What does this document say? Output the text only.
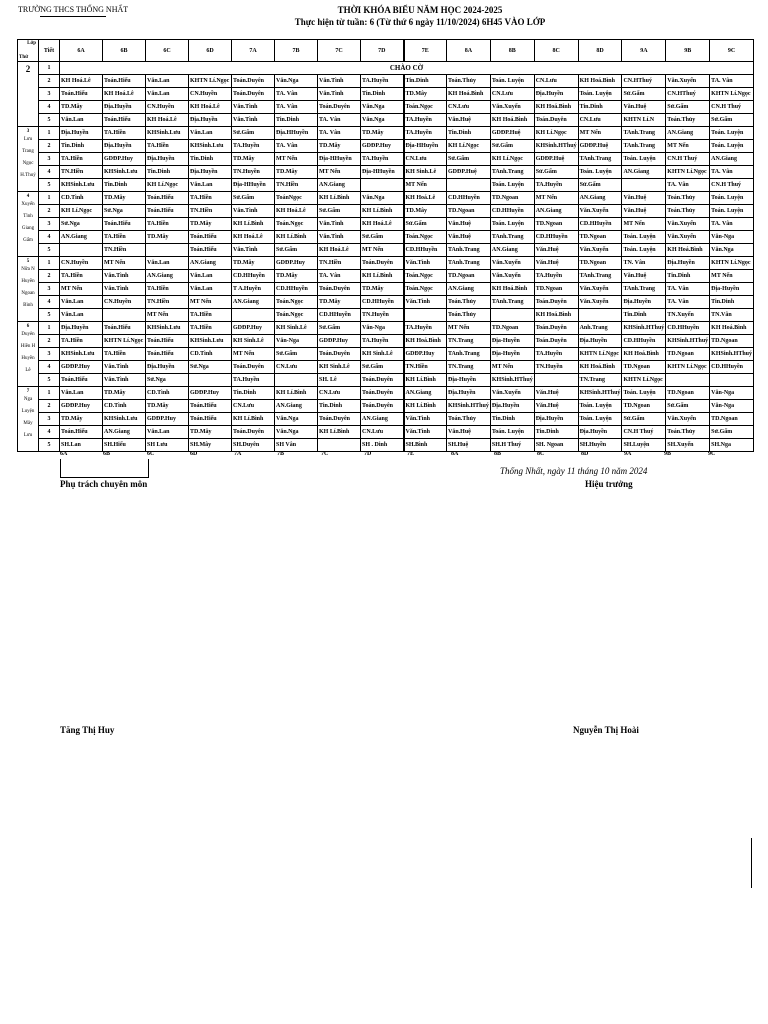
TRƯỜNG THCS THỐNG NHẤT	THỜI KHÓA BIỂU NĂM HỌC 2024-2025
Thực hiện từ tuần: 6 (Từ thứ 6 ngày 11/10/2024) 6H45 VÀO LỚP
Lớp
Thứ	Tiết	6A	6B	6C	6D	7A	7B	7C	7D	7E	8A	8B	8C	8D	9A	9B	9C

2	1	CHÀO CỜ															
	2	KH Hoá.Lê	Toán.Hiếu	Văn.Lan	KHTN Lí.Ngọc	Toán.Duyên	Văn.Nga	Văn.Tình	TA.Huyền	Tin.Dinh	Toán.Thủy	Toán. Luyện	CN.Lưu	KH Hoá.Bình	CN.HThuý	Văn.Xuyến	TA. Vân
	3	Toán.Hiếu	KH Hoá.Lê	Văn.Lan	CN.Huyền	Toán.Duyên	TA. Vân	Văn.Tình	Tin.Dinh	TD.Mây	KH Hoá.Bình	CN.Lưu	Địa.Huyền	Toán. Luyện	Sử.Gấm	CN.HThuý	KHTN Lí.Ngọc
	4	TD.Mây	Địa.Huyền	CN.Huyền	KH Hoá.Lê	Văn.Tình	TA. Vân	Toán.Duyên	Văn.Nga	Toán.Ngọc	CN.Lưu	Văn.Xuyến	KH Hoá.Bình	Tin.Dinh	Văn.Huệ	Sử.Gấm	CN.H Thuý
	5	Văn.Lan	Toán.Hiếu	KH Hoá.Lê	Địa.Huyền	Văn.Tình	Tin.Dinh	TA. Vân	Văn.Nga	TA.Huyền	Văn.Huệ	KH Hoá.Bình	Toán.Duyên	CN.Lưu	KHTN Lí.N	Toán.Thủy	Sử.Gấm

3
Lưu Trang Ngọc H.Thuý	1	Địa.Huyền	TA.Hiền	KHSinh.Lưu	Văn.Lan	Sử.Gấm	Địa.HHuyền	TA. Vân	TD.Mây	TA.Huyền	Tin.Dinh	GDĐP.Huệ	KH Lí.Ngọc	MT Nến	TAnh.Trang	AN.Giang	Toán. Luyện
	2	Tin.Dinh	Địa.Huyền	TA.Hiền	KHSinh.Lưu	TA.Huyền	TA. Vân	TD.Mây	GDĐP.Huy	Địa-HHuyền	KH Lí.Ngọc	Sử.Gấm	KHSinh.HThuý	GDĐP.Huệ	TAnh.Trang	MT Nến	Toán. Luyện
	3	TA.Hiền	GDĐP.Huy	Địa.Huyền	Tin.Dinh	TD.Mây	MT Nến	Địa-HHuyền	TA.Huyền	CN.Lưu	Sử.Gấm	KH Lí.Ngọc	GDĐP.Huệ	TAnh.Trang	Toán. Luyện	CN.H Thuý	AN.Giang
	4	TN.Hiền	KHSinh.Lưu	Tin.Dinh	Địa.Huyền	TN.Huyền	TD.Mây	MT Nến	Địa-HHuyền	KH Sinh.Lê	GDĐP.Huệ	TAnh.Trang	Sử.Gấm	Toán. Luyện	AN.Giang	KHTN Lí.Ngọc	TA. Vân
	5	KHSinh.Lưu	Tin.Dinh	KH Lí.Ngọc	Văn.Lan	Địa-HHuyền	TN.Hiền	AN.Giang		MT Nến		Toán. Luyện	TA.Huyền	Sử.Gấm		TA. Vân	CN.H Thuý

4
Xuyến Tình Giang Gấm	1	CD.Tình	TD.Mây	Toán.Hiếu	TA.Hiền	Sử.Gấm	ToánNgọc	KH Lí.Bình	Văn.Nga	KH Hoá.Lê	CD.HHuyền	TD.Ngoan	MT Nến	AN.Giang	Văn.Huệ	Toán.Thủy	Toán. Luyện
	2	KH Lí.Ngọc	Sử.Nga	Toán.Hiếu	TN.Hiền	Văn.Tình	KH Hoá.Lê	Sử.Gấm	KH Lí.Bình	TD.Mây	TD.Ngoan	CD.HHuyền	AN.Giang	Văn.Xuyến	Văn.Huệ	Toán.Thủy	Toán. Luyện
	3	Sử.Nga	Toán.Hiếu	TA.Hiền	TD.Mây	KH Lí.Bình	Toán.Ngọc	Văn.Tình	KH Hoá.Lê	Sử.Gấm	Văn.Huệ	Toán. Luyện	TD.Ngoan	CD.HHuyền	MT Nến	Văn.Xuyến	TA. Vân
	4	AN.Giang	TA.Hiền	TD.Mây	Toán.Hiếu	KH Hoá.Lê	KH Lí.Bình	Văn.Tình	Sử.Gấm	Toán.Ngọc	Văn.Huệ	TAnh.Trang	CD.HHuyền	TD.Ngoan	Toán. Luyện	Văn.Xuyến	Văn-Nga
	5		TN.Hiền		Toán.Hiếu	Văn.Tình	Sử.Gấm	KH Hoá.Lê	MT Nến	CD.HHuyền	TAnh.Trang	AN.Giang	Văn.Huệ	Văn.Xuyến	Toán. Luyện	KH Hoá.Bình	Văn.Nga

5
Nữa N Huyền Ngoan Bình	1	CN.Huyền	MT Nến	Văn.Lan	AN.Giang	TD.Mây	GDĐP.Huy	TN.Hiền	Toán.Duyên	Văn.Tình	TAnh.Trang	Văn.Xuyến	Văn.Huệ	TD.Ngoan	TN. Vân	Địa.Huyền	KHTN Lí.Ngọc
	2	TA.Hiền	Văn.Tình	AN.Giang	Văn.Lan	CD.HHuyền	TD.Mây	TA. Vân	KH Lí.Bình	Toán.Ngọc	TD.Ngoan	Văn.Xuyến	TA.Huyền	TAnh.Trang	Văn.Huệ	Tin.Dinh	MT Nến
	3	MT Nến	Văn.Tình	TA.Hiền	Văn.Lan	T A.Huyền	CD.HHuyền	Toán.Duyên	TD.Mây	Toán.Ngọc	AN.Giang	KH Hoá.Bình	TD.Ngoan	Văn.Xuyến	TAnh.Trang	TA. Vân	Địa-Huyền
	4	Văn.Lan	CN.Huyền	TN.Hiền	MT Nến	AN.Giang	Toán.Ngọc	TD.Mây	CD.HHuyền	Văn.Tình	Toán.Thủy	TAnh.Trang	Toán.Duyên	Văn.Xuyến	Địa.Huyền	TA. Vân	Tin.Dinh
	5	Văn.Lan		MT Nến	TA.Hiền		Toán.Ngọc	CD.HHuyền	TN.Huyền		Toán.Thủy		KH Hoá.Bình		Tin.Dinh	TN.Xuyến	TN.Vân

6
Duyên Hiền H Huyền Lê	1	Địa.Huyền	Toán.Hiếu	KHSinh.Lưu	TA.Hiền	GDĐP.Huy	KH Sinh.Lê	Sử.Gấm	Văn-Nga	TA.Huyền	MT Nến	TD.Ngoan	Toán.Duyên	Anh.Trang	KHSinh.HThuý	CD.HHuyền	KH Hoá.Bình
	2	TA.Hiền	KHTN Lí.Ngọc	Toán.Hiếu	KHSinh.Lưu	KH Sinh.Lê	Văn-Nga	GDĐP.Huy	TA.Huyền	KH Hoá.Bình	TN.Trang	Địa-Huyền	Toán.Duyên	Địa.Huyền	CD.HHuyền	KHSinh.HThuý	TD.Ngoan
	3	KHSinh.Lưu	TA.Hiền	Toán.Hiếu	CD.Tình	MT Nến	Sử.Gấm	Toán.Duyên	KH Sinh.Lê	GDĐP.Huy	TAnh.Trang	Địa-Huyền	TA.Huyền	KHTN Lí.Ngọc	KH Hoá.Bình	TD.Ngoan	KHSinh.HThuý
	4	GDĐP.Huy	Văn.Tình	Địa.Huyền	Sử.Nga	Toán.Duyên	CN.Lưu	KH Sinh.Lê	Sử.Gấm	TN.Hiền	TN.Trang	MT Nến	TN.Huyền	KH Hoá.Bình	TD.Ngoan	KHTN Lí.Ngọc	CD.HHuyền
	5	Toán.Hiếu	Văn.Tình	Sử.Nga		TA.Huyền		SH. Lê	Toán.Duyên	KH Lí.Bình	Địa-Huyền	KHSinh.HThuý		TN.Trang	KHTN Lí.Ngọc		

7
Nga Luyện Mây Lưu	1	Văn.Lan	TD.Mây	CD.Tình	GDĐP.Huy	Tin.Dinh	KH Lí.Bình	CN.Lưu	Toán.Duyên	AN.Giang	Địa.Huyền	Văn.Xuyến	Văn.Huệ	KHSinh.HThuý	Toán. Luyện	TD.Ngoan	Văn-Nga
	2	GDĐP.Huy	CD.Tình	TD.Mây	Toán.Hiếu	CN.Lưu	AN.Giang	Tin.Dinh	Toán.Duyên	KH Lí.Bình	KHSinh.HThuý	Địa.Huyền	Văn.Huệ	Toán. Luyện	TD.Ngoan	Sử.Gấm	Văn-Nga
	3	TD.Mây	KHSinh.Lưu	GDĐP.Huy	Toán.Hiếu	KH Lí.Bình	Văn.Nga	Toán.Duyên	AN.Giang	Văn.Tình	Toán.Thủy	Tin.Dinh	Địa.Huyền	Toán. Luyện	Sử.Gấm	Văn.Xuyến	TD.Ngoan
	4	Toán.Hiếu	AN.Giang	Văn.Lan	TD.Mây	Toán.Duyên	Văn.Nga	KH Lí.Bình	CN.Lưu	Văn.Tình	Văn.Huệ	Toán. Luyện	Tin.Dinh	Địa.Huyền	CN.H Thuý	Toán.Thủy	Sử.Gấm
	5	SH.Lan	SH.Hiếu	SH Lưu	SH.Mây	SH.Duyên	SH Vân		SH . Dinh	SH.Bình	SH.Huệ	SH.H Thuý	SH. Ngoan	SH.Huyền	SH.Luyện	SH.Xuyến	SH.Nga
6A	6B	6C	6D	7A	7B	7C	7D	7E	8A	8B	8C	8D	9A	9B	9C
Thống Nhất, ngày 11 tháng 10 năm 2024
Phụ trách chuyên môn	Hiệu trưởng
Tăng Thị Huy	Nguyễn Thị Hoài
